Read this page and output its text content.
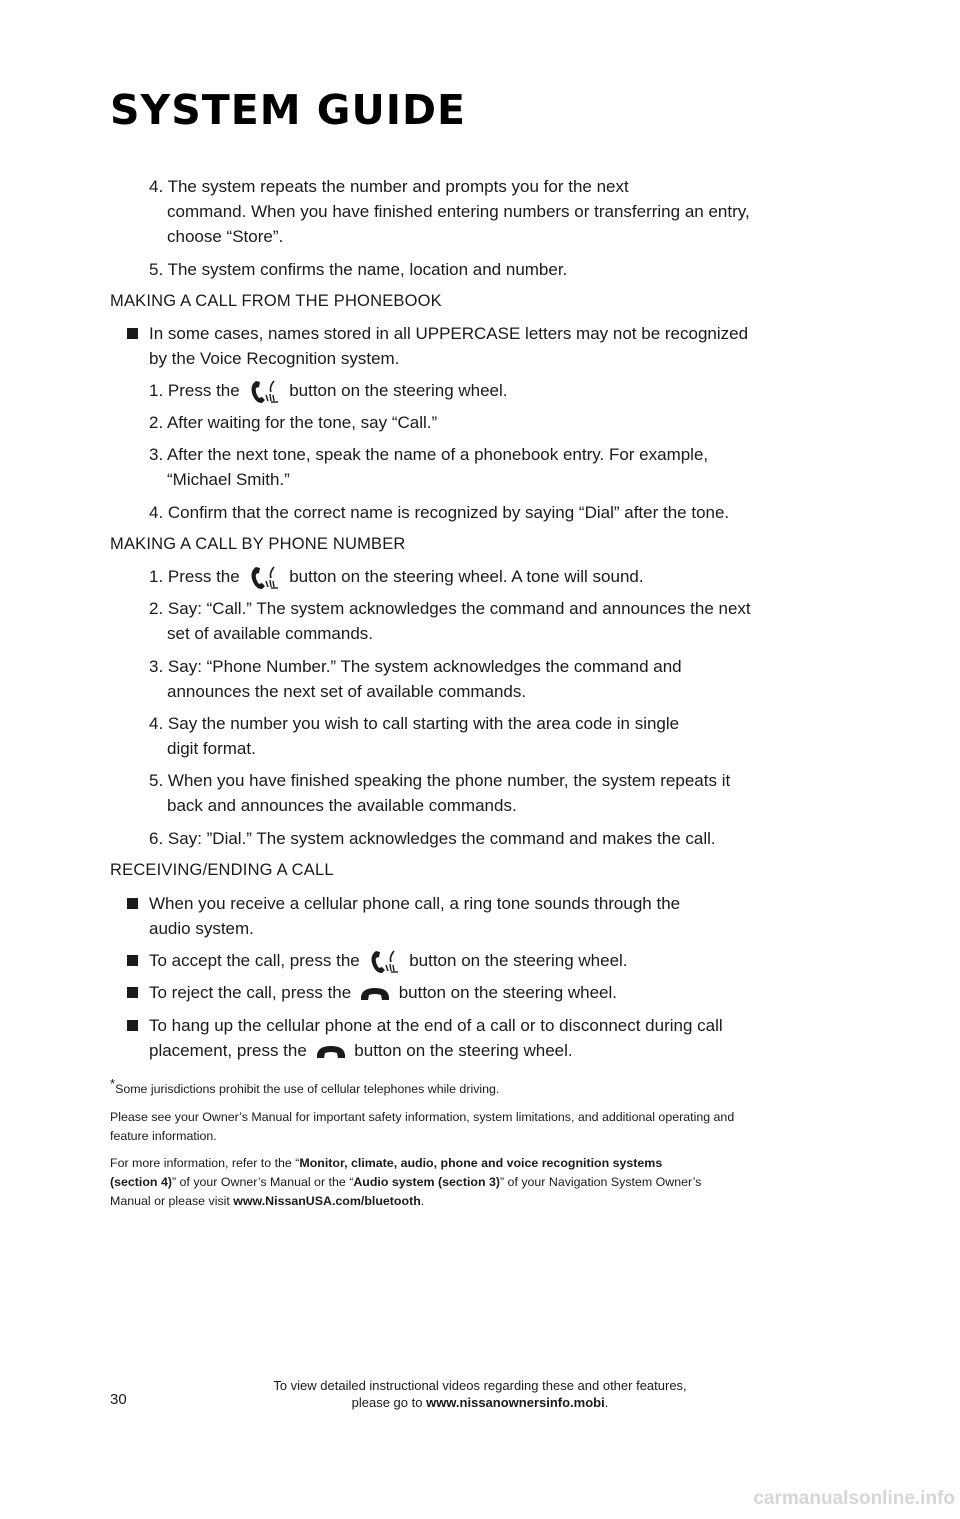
SYSTEM GUIDE
4. The system repeats the number and prompts you for the next
command. When you have finished entering numbers or transferring an entry,
choose “Store”.
5. The system confirms the name, location and number.
MAKING A CALL FROM THE PHONEBOOK
In some cases, names stored in all UPPERCASE letters may not be recognized
by the Voice Recognition system.
1. Press the	button on the steering wheel.
2. After waiting for the tone, say “Call.”
3. After the next tone, speak the name of a phonebook entry. For example,
“Michael Smith.”
4. Confirm that the correct name is recognized by saying “Dial” after the tone.
MAKING A CALL BY PHONE NUMBER
1. Press the	button on the steering wheel. A tone will sound.
2. Say: “Call.” The system acknowledges the command and announces the next
set of available commands.
3. Say: “Phone Number.” The system acknowledges the command and
announces the next set of available commands.
4. Say the number you wish to call starting with the area code in single
digit format.
5. When you have finished speaking the phone number, the system repeats it
back and announces the available commands.
6. Say: ”Dial.” The system acknowledges the command and makes the call.
RECEIVING/ENDING A CALL
When you receive a cellular phone call, a ring tone sounds through the
audio system.
To accept the call, press the	button on the steering wheel.
To reject the call, press the	button on the steering wheel.
To hang up the cellular phone at the end of a call or to disconnect during call
placement, press the	button on the steering wheel.
*Some jurisdictions prohibit the use of cellular telephones while driving.
Please see your Owner’s Manual for important safety information, system limitations, and additional operating and
feature information.
For more information, refer to the “Monitor, climate, audio, phone and voice recognition systems
(section 4)” of your Owner’s Manual or the “Audio system (section 3)” of your Navigation System Owner’s
Manual or please visit www.NissanUSA.com/bluetooth.
30
To view detailed instructional videos regarding these and other features,
please go to www.nissanownersinfo.mobi.
carmanualsonline.info
